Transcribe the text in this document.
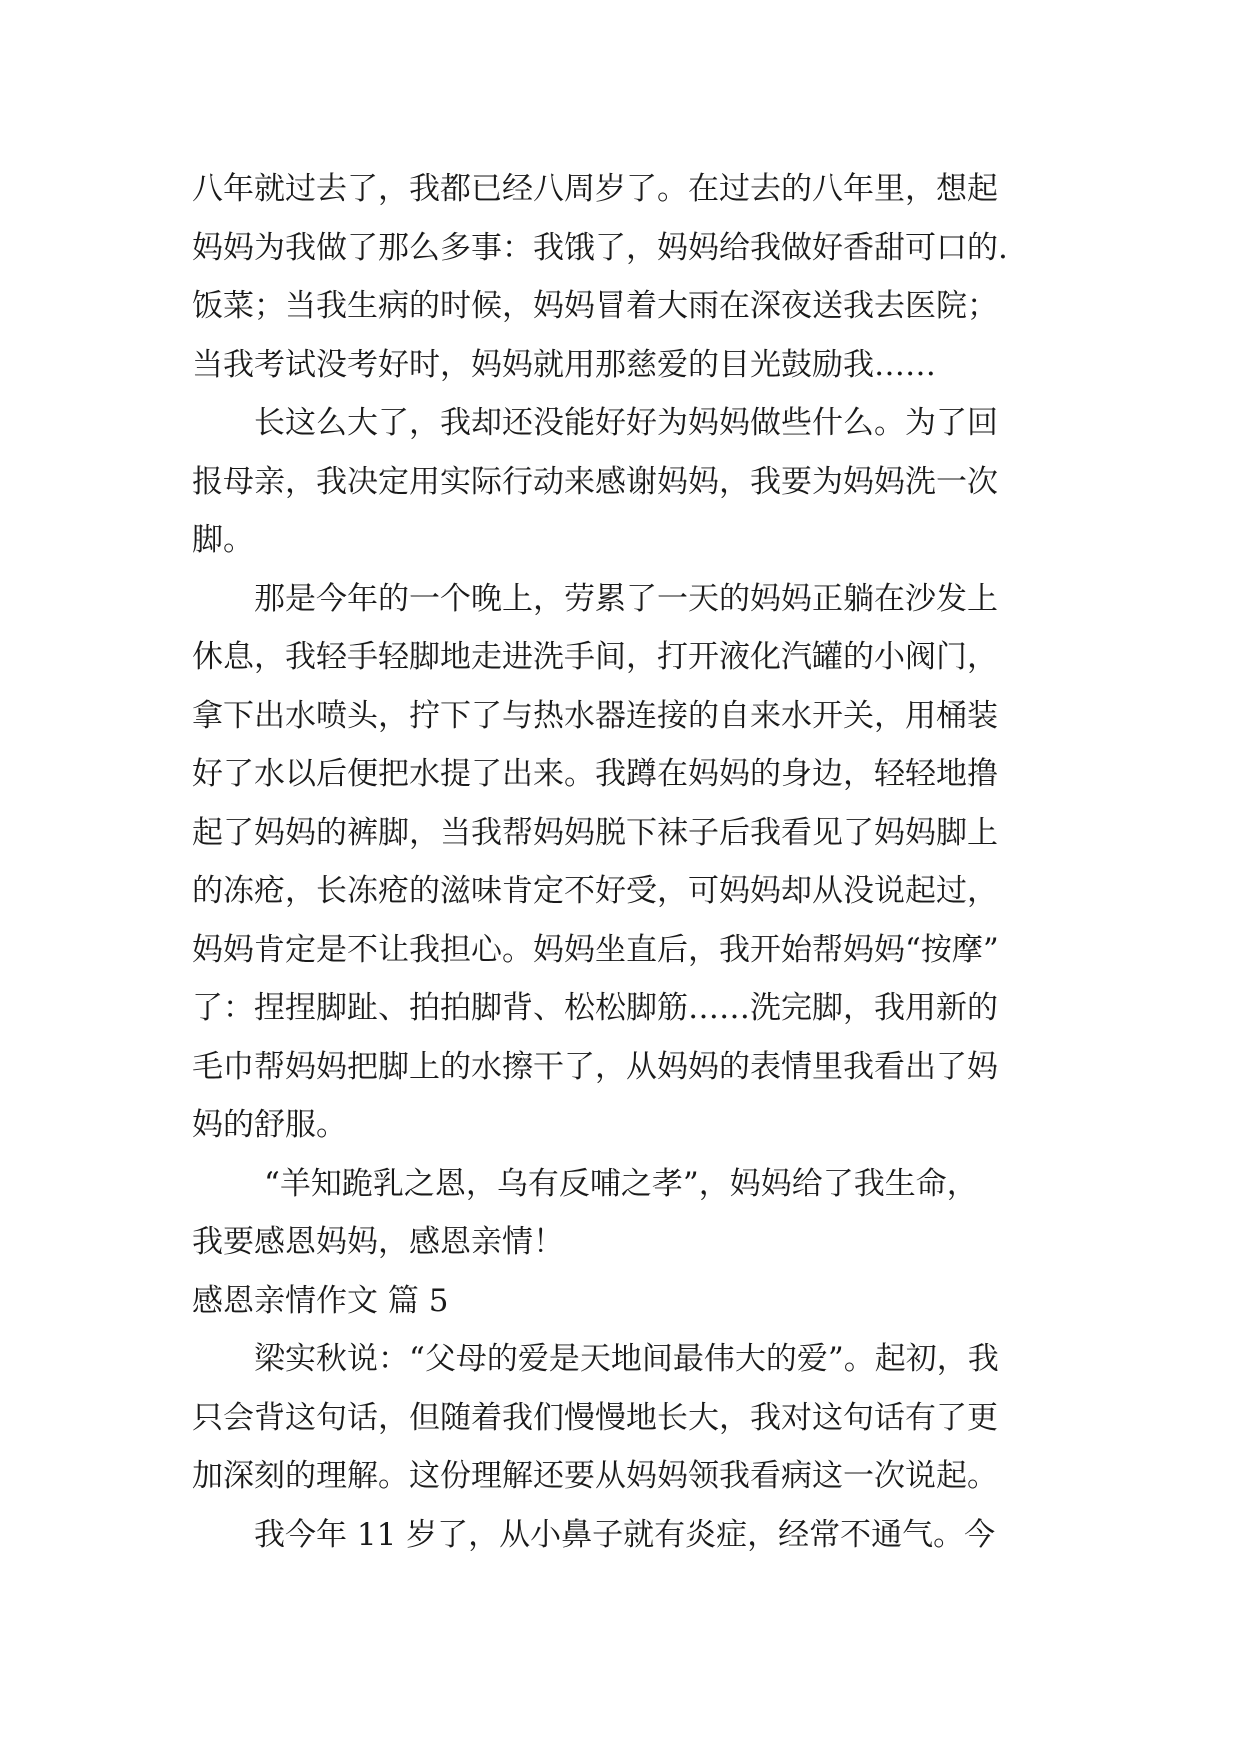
八年就过去了，我都已经八周岁了。在过去的八年里，想起
妈妈为我做了那么多事：我饿了，妈妈给我做好香甜可口的.
饭菜；当我生病的时候，妈妈冒着大雨在深夜送我去医院；
当我考试没考好时，妈妈就用那慈爱的目光鼓励我……
长这么大了，我却还没能好好为妈妈做些什么。为了回
报母亲，我决定用实际行动来感谢妈妈，我要为妈妈洗一次
脚。
那是今年的一个晚上，劳累了一天的妈妈正躺在沙发上
休息，我轻手轻脚地走进洗手间，打开液化汽罐的小阀门，
拿下出水喷头，拧下了与热水器连接的自来水开关，用桶装
好了水以后便把水提了出来。我蹲在妈妈的身边，轻轻地撸
起了妈妈的裤脚，当我帮妈妈脱下袜子后我看见了妈妈脚上
的冻疮，长冻疮的滋味肯定不好受，可妈妈却从没说起过，
妈妈肯定是不让我担心。妈妈坐直后，我开始帮妈妈“按摩”
了：捏捏脚趾、拍拍脚背、松松脚筋……洗完脚，我用新的
毛巾帮妈妈把脚上的水擦干了，从妈妈的表情里我看出了妈
妈的舒服。
“羊知跪乳之恩，乌有反哺之孝”，妈妈给了我生命，
我要感恩妈妈，感恩亲情！
感恩亲情作文 篇 5
梁实秋说：“父母的爱是天地间最伟大的爱”。起初，我
只会背这句话，但随着我们慢慢地长大，我对这句话有了更
加深刻的理解。这份理解还要从妈妈领我看病这一次说起。
我今年 11 岁了，从小鼻子就有炎症，经常不通气。今
